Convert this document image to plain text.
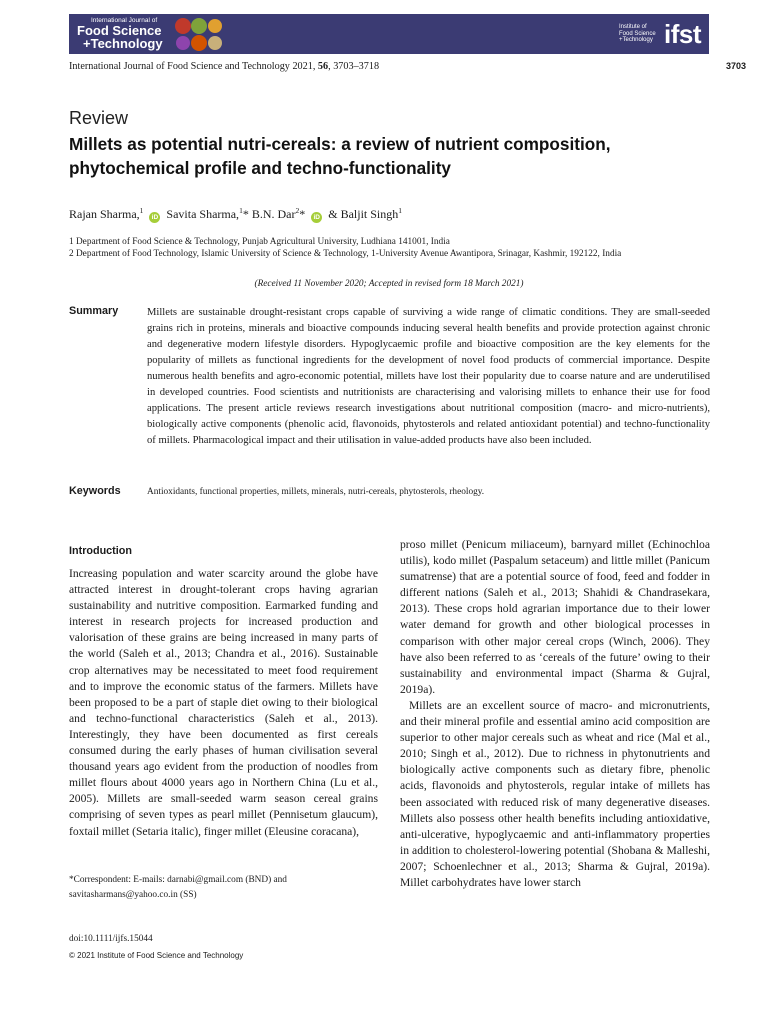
International Journal of
Food Science
+Technology
Institute of Food Science +Technology ifst
International Journal of Food Science and Technology 2021, 56, 3703–3718	3703
Review
Millets as potential nutri-cereals: a review of nutrient composition, phytochemical profile and techno-functionality
Rajan Sharma,$^1$ iD Savita Sharma,$^1$* B.N. Dar$^2$* iD & Baljit Singh$^1$
1 Department of Food Science & Technology, Punjab Agricultural University, Ludhiana 141001, India
2 Department of Food Technology, Islamic University of Science & Technology, 1-University Avenue Awantipora, Srinagar, Kashmir, 192122, India
(Received 11 November 2020; Accepted in revised form 18 March 2021)
Summary	Millets are sustainable drought-resistant crops capable of surviving a wide range of climatic conditions. They are small-seeded grains rich in proteins, minerals and bioactive compounds inducing several health benefits and provide protection against chronic and degenerative modern lifestyle disorders. Hypoglycaemic profile and bioactive composition are the key elements for the popularity of millets as functional ingredients for the development of novel food products of commercial importance. Despite numerous health benefits and agro-economic potential, millets have lost their popularity due to coarse nature and are underutilised in developed countries. Food scientists and nutritionists are characterising and valorising millets to enhance their use for food applications. The present article reviews research investigations about nutritional composition (macro- and micro-nutrients), biologically active components (phenolic acid, flavonoids, phytosterols and related antioxidant potential) and techno-functionality of millets. Pharmacological impact and their utilisation in value-added products have also been included.
Keywords	Antioxidants, functional properties, millets, minerals, nutri-cereals, phytosterols, rheology.
Introduction

Increasing population and water scarcity around the globe have attracted interest in drought-tolerant crops having agrarian sustainability and nutritive composition. Earmarked funding and interest in research projects for increased production and valorisation of these grains are being increased in many parts of the world (Saleh et al., 2013; Chandra et al., 2016). Sustainable crop alternatives may be necessitated to meet food requirement and to improve the economic status of the farmers. Millets have been proposed to be a part of staple diet owing to their biological and techno-functional characteristics (Saleh et al., 2013). Interestingly, they have been documented as first cereals consumed during the early phases of human civilisation several thousand years ago evident from the production of noodles from millet flours about 4000 years ago in Northern China (Lu et al., 2005). Millets are small-seeded warm season cereal grains comprising of seven types as pearl millet (Pennisetum glaucum), foxtail millet (Setaria italic), finger millet (Eleusine coracana),

proso millet (Penicum miliaceum), barnyard millet (Echinochloa utilis), kodo millet (Paspalum setaceum) and little millet (Panicum sumatrense) that are a potential source of food, feed and fodder in different nations (Saleh et al., 2013; Shahidi & Chandrasekara, 2013). These crops hold agrarian importance due to their lower water demand for growth and other biological processes in comparison with other major cereal crops (Winch, 2006). They have also been referred to as ‘cereals of the future’ owing to their sustainability and environmental impact (Sharma & Gujral, 2019a).

Millets are an excellent source of macro- and micronutrients, and their mineral profile and essential amino acid composition are superior to other major cereals such as wheat and rice (Mal et al., 2010; Singh et al., 2012). Due to richness in phytonutrients and biologically active components such as dietary fibre, phenolic acids, flavonoids and phytosterols, regular intake of millets has been associated with reduced risk of many degenerative diseases. Millets also possess other health benefits including antioxidative, anti-ulcerative, hypoglycaemic and anti-inflammatory properties in addition to cholesterol-lowering potential (Shobana & Malleshi, 2007; Schoenlechner et al., 2013; Sharma & Gujral, 2019a). Millet carbohydrates have lower starch

*Correspondent: E-mails: darnabi@gmail.com (BND) and
savitasharmans@yahoo.co.in (SS)
doi:10.1111/ijfs.15044
© 2021 Institute of Food Science and Technology
